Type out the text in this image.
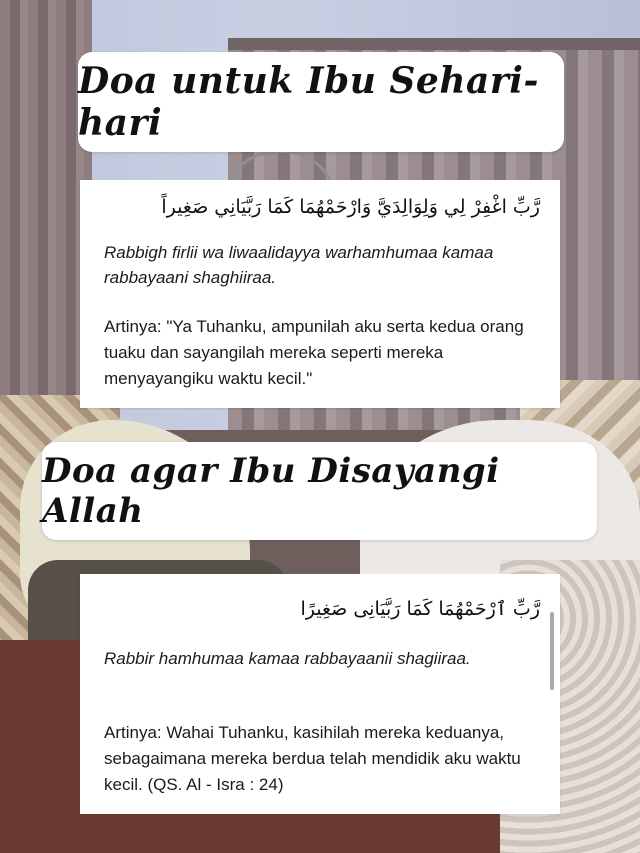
Doa untuk Ibu Sehari-hari
رَّبِّ اغْفِرْ لِي وَلِوَالِدَيَّ وَارْحَمْهُمَا كَمَا رَبَّيَانِي صَغِيراً
Rabbigh firlii wa liwaalidayya warhamhumaa kamaa rabbayaani shaghiiraa.
Artinya: "Ya Tuhanku, ampunilah aku serta kedua orang tuaku dan sayangilah mereka seperti mereka menyayangiku waktu kecil."
Doa agar Ibu Disayangi Allah
رَّبِّ ٱرْحَمْهُمَا كَمَا رَبَّيَانِى صَغِيرًا
Rabbir hamhumaa kamaa rabbayaanii shagiiraa.
Artinya: Wahai Tuhanku, kasihilah mereka keduanya, sebagaimana mereka berdua telah mendidik aku waktu kecil. (QS. Al - Isra : 24)
